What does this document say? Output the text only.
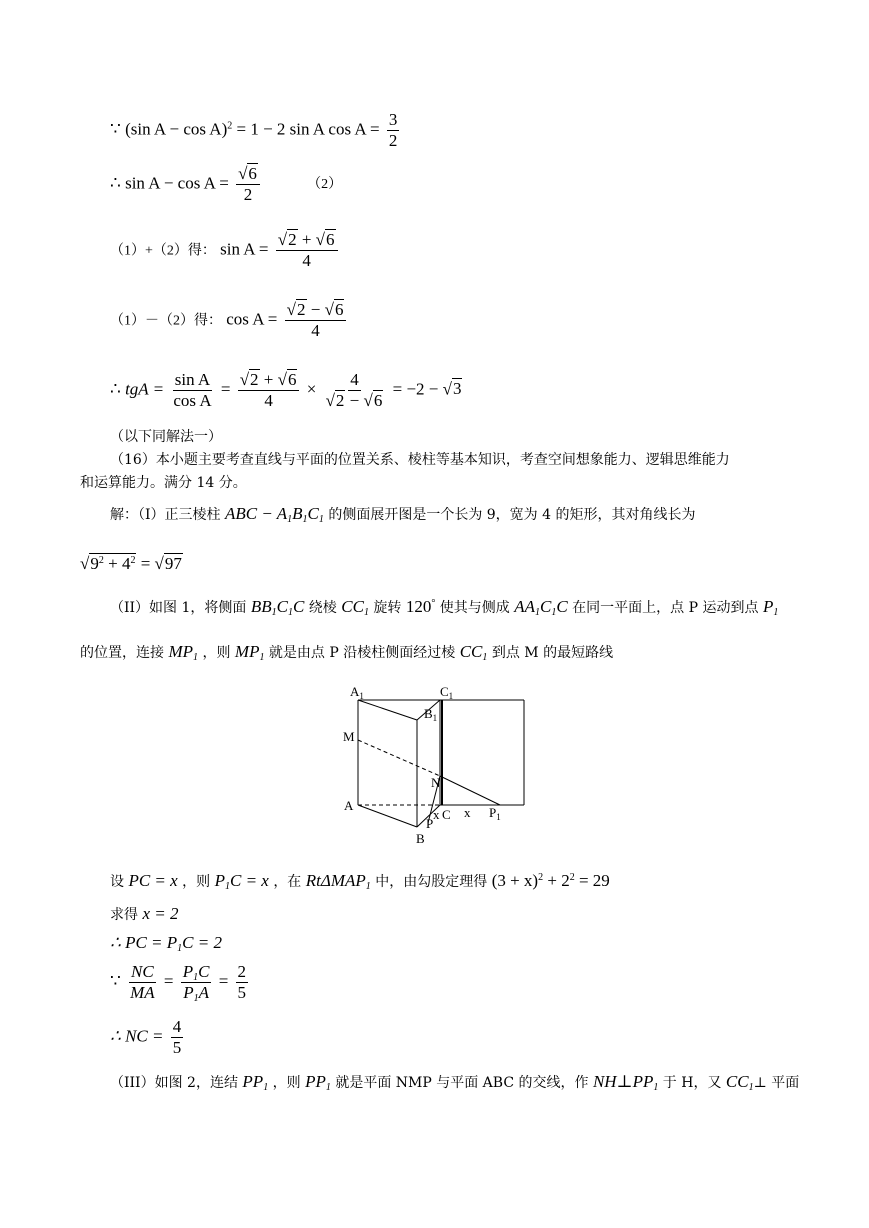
∵ (sin A − cos A)$^2$ = 1 − 2 sin A $\cos A = \frac{3}{2}$
∴ $\sin A - \cos A = \frac{√6}{2}$	（2）
（1）+（2）得： $\sin A = \frac{√2 + √6}{4}$
（1）－（2）得： $\cos A = \frac{√2 - √6}{4}$
∴ tgA = $\frac{\text{sin A}}{\text{cos A}} = \frac{√2 + √6}{4} \times \frac{4}{√2 - √6} = -2 - √3$
（以下同解法一）
（16）本小题主要考查直线与平面的位置关系、棱柱等基本知识，考查空间想象能力、逻辑思维能力
和运算能力。满分 14 分。
解：（I）正三棱柱 ABC − $A_1B_1C_1$ 的侧面展开图是一个长为 9，宽为 4 的矩形，其对角线长为
$√9^2 + 4^2 = √97$
（II）如图 1，将侧面 $BB_1C_1C$ 绕棱 $CC_1$ 旋转 120° 使其与侧成 $AA_1C_1C$ 在同一平面上，点 P 运动到点 $P_1$
的位置，连接 $MP_1$ ，则 $MP_1$ 就是由点 P 沿棱柱侧面经过棱 $CC_1$ 到点 M 的最短路线
$A_1$	$C_1$
$B_1$
M
N
A
P
x C x $P_1$
B
设 PC = x ，则 $P_1C = x$ ，在 RtΔMAP$_1$ 中，由勾股定理得 $(3 + x)^2 + 2^2 = 29$
求得 x = 2
∴ PC = $P_1C = 2$
∵ $\frac{NC}{MA} = \frac{P_1C}{P_1A} = \frac{2}{5}$
∴ NC = $\frac{4}{5}$
（III）如图 2，连结 $PP_1$ ，则 $PP_1$ 就是平面 NMP 与平面 ABC 的交线，作 $NH\perp PP_1$ 于 H，又 $CC_1\perp$ 平面
